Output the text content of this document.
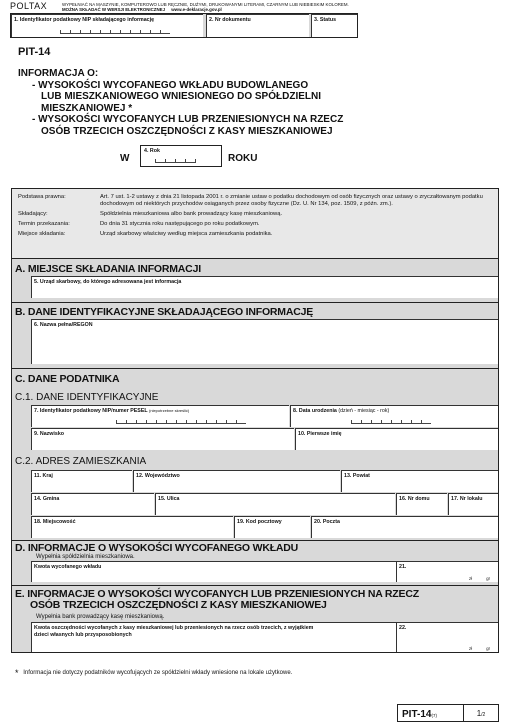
POLTAX	WYPEŁNIAĆ NA MASZYNIE, KOMPUTEROWO LUB RĘCZNIE, DUŻYMI, DRUKOWANYMI LITERAMI, CZARNYM LUB NIEBIESKIM KOLOREM.
MOŻNA SKŁADAĆ W WERSJI ELEKTRONICZNEJ www.e-deklaracje.gov.pl
1. Identyfikator podatkowy NIP składającego informację	2. Nr dokumentu	3. Status
PIT-14
INFORMACJA O:
- WYSOKOŚCI WYCOFANEGO WKŁADU BUDOWLANEGO
LUB MIESZKANIOWEGO WNIESIONEGO DO SPÓŁDZIELNI
MIESZKANIOWEJ *
- WYSOKOŚCI WYCOFANYCH LUB PRZENIESIONYCH NA RZECZ
OSÓB TRZECICH OSZCZĘDNOŚCI Z KASY MIESZKANIOWEJ
W
4. Rok
ROKU
Podstawa prawna:	Art. 7 ust. 1-2 ustawy z dnia 21 listopada 2001 r. o zmianie ustaw o podatku dochodowym od osób fizycznych oraz ustawy o zryczałtowanym podatku dochodowym od niektórych przychodów osiąganych przez osoby fizyczne (Dz. U. Nr 134, poz. 1509, z późn. zm.).
Składający:	Spółdzielnia mieszkaniowa albo bank prowadzący kasę mieszkaniową.
Termin przekazania:	Do dnia 31 stycznia roku następującego po roku podatkowym.
Miejsce składania:	Urząd skarbowy właściwy według miejsca zamieszkania podatnika.
A. MIEJSCE SKŁADANIA INFORMACJI
5. Urząd skarbowy, do którego adresowana jest informacja
B. DANE IDENTYFIKACYJNE SKŁADAJĄCEGO INFORMACJĘ
6. Nazwa pełna/REGON
C. DANE PODATNIKA
C.1. DANE IDENTYFIKACYJNE
7. Identyfikator podatkowy NIP/numer PESEL (niepotrzebne skreślić)	8. Data urodzenia (dzień - miesiąc - rok)
9. Nazwisko	10. Pierwsze imię
C.2. ADRES ZAMIESZKANIA
11. Kraj	12. Województwo	13. Powiat
14. Gmina	15. Ulica	16. Nr domu	17. Nr lokalu
18. Miejscowość	19. Kod pocztowy	20. Poczta
D. INFORMACJE O WYSOKOŚCI WYCOFANEGO WKŁADU
Wypełnia spółdzielnia mieszkaniowa.
Kwota wycofanego wkładu	21.
zł	gr
E. INFORMACJE O WYSOKOŚCI WYCOFANYCH LUB PRZENIESIONYCH NA RZECZ
OSÓB TRZECICH OSZCZĘDNOŚCI Z KASY MIESZKANIOWEJ
Wypełnia bank prowadzący kasę mieszkaniową.
Kwota oszczędności wycofanych z kasy mieszkaniowej lub przeniesionych na rzecz osób trzecich, z wyjątkiem
dzieci własnych lub przysposobionych
22.
zł	gr
* Informacja nie dotyczy podatników wycofujących ze spółdzielni wkłady wniesione na lokale użytkowe.
PIT-14(7)	1/2
